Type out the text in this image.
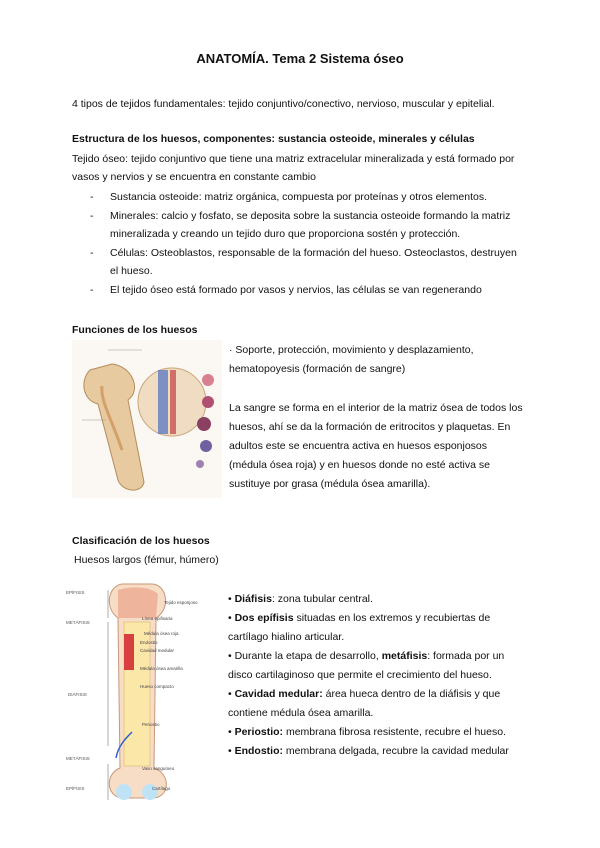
ANATOMÍA. Tema 2 Sistema óseo

4 tipos de tejidos fundamentales: tejido conjuntivo/conectivo, nervioso, muscular y epitelial.

Estructura de los huesos, componentes: sustancia osteoide, minerales y células

Tejido óseo: tejido conjuntivo que tiene una matriz extracelular mineralizada y está formado por

vasos y nervios y se encuentra en constante cambio

- Sustancia osteoide: matriz orgánica, compuesta por proteínas y otros elementos.
- Minerales: calcio y fosfato, se deposita sobre la sustancia osteoide formando la matriz
mineralizada y creando un tejido duro que proporciona sostén y protección.
- Células: Osteoblastos, responsable de la formación del hueso. Osteoclastos, destruyen
el hueso.
- El tejido óseo está formado por vasos y nervios, las células se van regenerando

Funciones de los huesos

· Soporte, protección, movimiento y desplazamiento,

hematopoyesis (formación de sangre)

La sangre se forma en el interior de la matriz ósea de todos los

huesos, ahí se da la formación de eritrocitos y plaquetas. En

adultos este se encuentra activa en huesos esponjosos

(médula ósea roja) y en huesos donde no esté activa se

sustituye por grasa (médula ósea amarilla).

Clasificación de los huesos

Huesos largos (fémur, húmero)

EPÍFISIS
METÁFISIS
DIÁFISIS
METÁFISIS
EPÍFISIS
Tejido esponjoso
Línea epifisaria
Médula ósea roja
Endostio
Cavidad medular
Médula ósea amarilla
Hueso compacto
Periostio
Vaso sanguíneo
Cartílago
• Diáfisis: zona tubular central.
• Dos epífisis situadas en los extremos y recubiertas de
cartílago hialino articular.
• Durante la etapa de desarrollo, metáfisis: formada por un
disco cartilaginoso que permite el crecimiento del hueso.
• Cavidad medular: área hueca dentro de la diáfisis y que
contiene médula ósea amarilla.
• Periostio: membrana fibrosa resistente, recubre el hueso.
• Endostio: membrana delgada, recubre la cavidad medular
